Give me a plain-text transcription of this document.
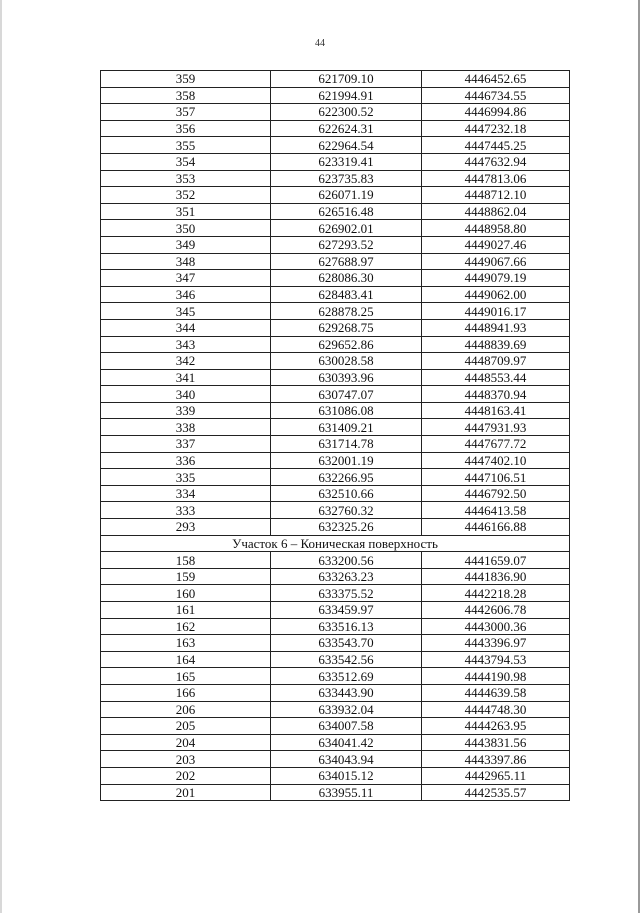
44
359	621709.10	4446452.65
358	621994.91	4446734.55
357	622300.52	4446994.86
356	622624.31	4447232.18
355	622964.54	4447445.25
354	623319.41	4447632.94
353	623735.83	4447813.06
352	626071.19	4448712.10
351	626516.48	4448862.04
350	626902.01	4448958.80
349	627293.52	4449027.46
348	627688.97	4449067.66
347	628086.30	4449079.19
346	628483.41	4449062.00
345	628878.25	4449016.17
344	629268.75	4448941.93
343	629652.86	4448839.69
342	630028.58	4448709.97
341	630393.96	4448553.44
340	630747.07	4448370.94
339	631086.08	4448163.41
338	631409.21	4447931.93
337	631714.78	4447677.72
336	632001.19	4447402.10
335	632266.95	4447106.51
334	632510.66	4446792.50
333	632760.32	4446413.58
293	632325.26	4446166.88
Участок 6 – Коническая поверхность		
158	633200.56	4441659.07
159	633263.23	4441836.90
160	633375.52	4442218.28
161	633459.97	4442606.78
162	633516.13	4443000.36
163	633543.70	4443396.97
164	633542.56	4443794.53
165	633512.69	4444190.98
166	633443.90	4444639.58
206	633932.04	4444748.30
205	634007.58	4444263.95
204	634041.42	4443831.56
203	634043.94	4443397.86
202	634015.12	4442965.11
201	633955.11	4442535.57
